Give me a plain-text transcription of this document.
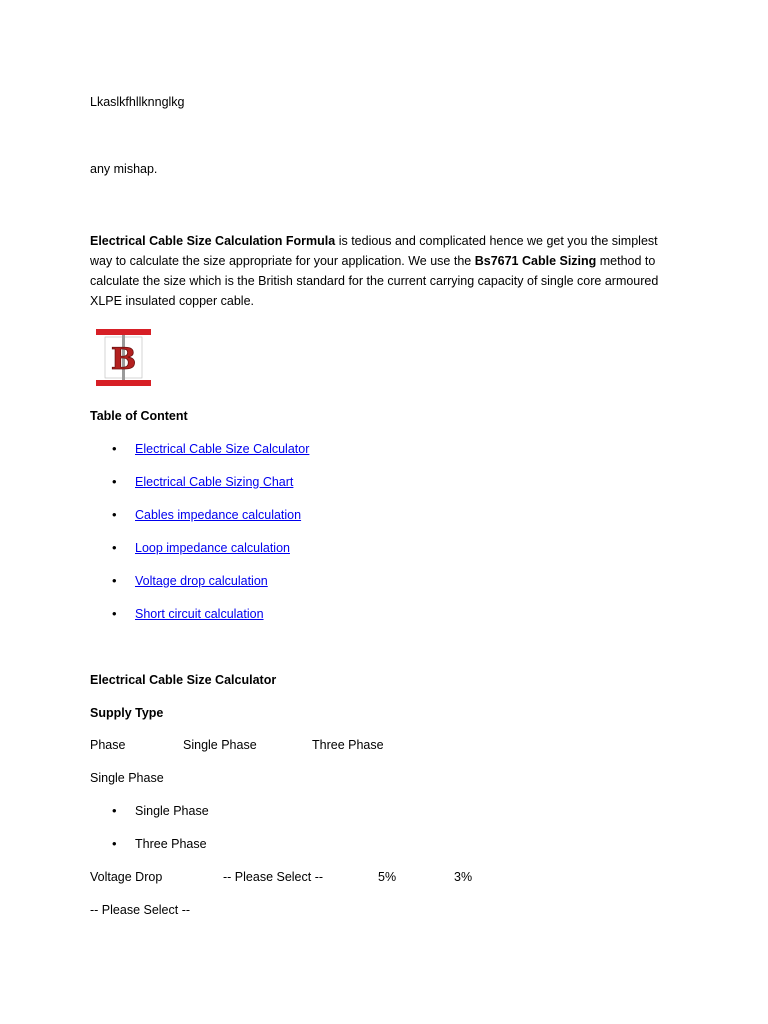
Lkaslkfhllknnglkg
any mishap.
Electrical Cable Size Calculation Formula is tedious and complicated hence we get you the simplest way to calculate the size appropriate for your application. We use the Bs7671 Cable Sizing method to calculate the size which is the British standard for the current carrying capacity of single core armoured XLPE insulated copper cable.
B
Table of Content
• Electrical Cable Size Calculator
• Electrical Cable Sizing Chart
• Cables impedance calculation
• Loop impedance calculation
• Voltage drop calculation
• Short circuit calculation
Electrical Cable Size Calculator
Supply Type
Phase	Single Phase	Three Phase
Single Phase
• Single Phase
• Three Phase
Voltage Drop	-- Please Select --	5%	3%
-- Please Select --
